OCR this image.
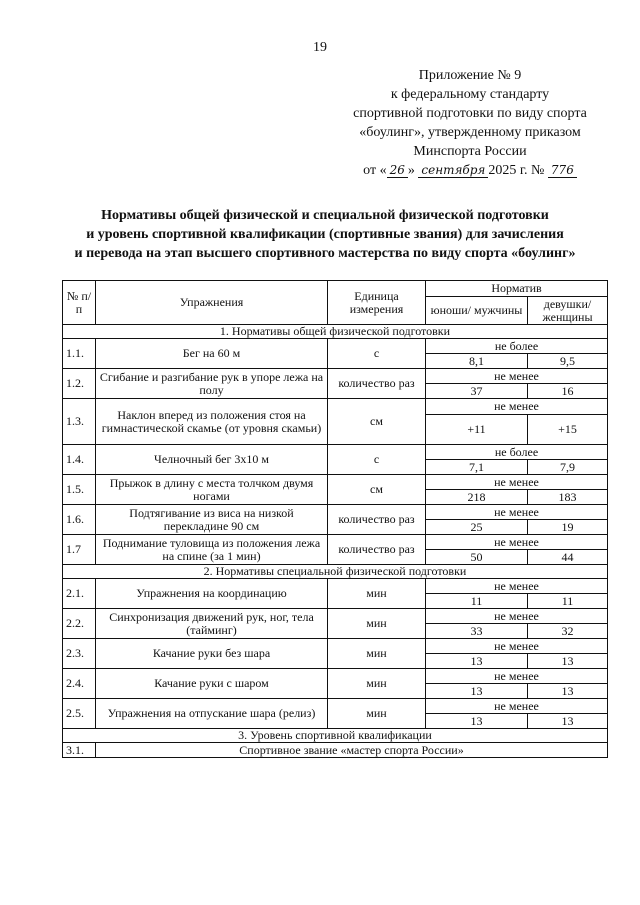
19
Приложение № 9
к федеральному стандарту
спортивной подготовки по виду спорта
«боулинг», утвержденному приказом
Минспорта России
от « 26 » сентября 2025 г. № 776
Нормативы общей физической и специальной физической подготовки
и уровень спортивной квалификации (спортивные звания) для зачисления
и перевода на этап высшего спортивного мастерства по виду спорта «боулинг»
№ п/п	Упражнения	Единица измерения	Норматив	
			юноши/ мужчины	девушки/ женщины
1. Нормативы общей физической подготовки				
1.1.	Бег на 60 м	с	не более	
			8,1	9,5
1.2.	Сгибание и разгибание рук в упоре лежа на полу	количество раз	не менее	
			37	16
1.3.	Наклон вперед из положения стоя на гимнастической скамье (от уровня скамьи)	см	не менее	
			+11	+15
1.4.	Челночный бег 3х10 м	с	не более	
			7,1	7,9
1.5.	Прыжок в длину с места толчком двумя ногами	см	не менее	
			218	183
1.6.	Подтягивание из виса на низкой перекладине 90 см	количество раз	не менее	
			25	19
1.7	Поднимание туловища из положения лежа на спине (за 1 мин)	количество раз	не менее	
			50	44
2. Нормативы специальной физической подготовки				
2.1.	Упражнения на координацию	мин	не менее	
			11	11
2.2.	Синхронизация движений рук, ног, тела (тайминг)	мин	не менее	
			33	32
2.3.	Качание руки без шара	мин	не менее	
			13	13
2.4.	Качание руки с шаром	мин	не менее	
			13	13
2.5.	Упражнения на отпускание шара (релиз)	мин	не менее	
			13	13
3. Уровень спортивной квалификации				
3.1.	Спортивное звание «мастер спорта России»			
